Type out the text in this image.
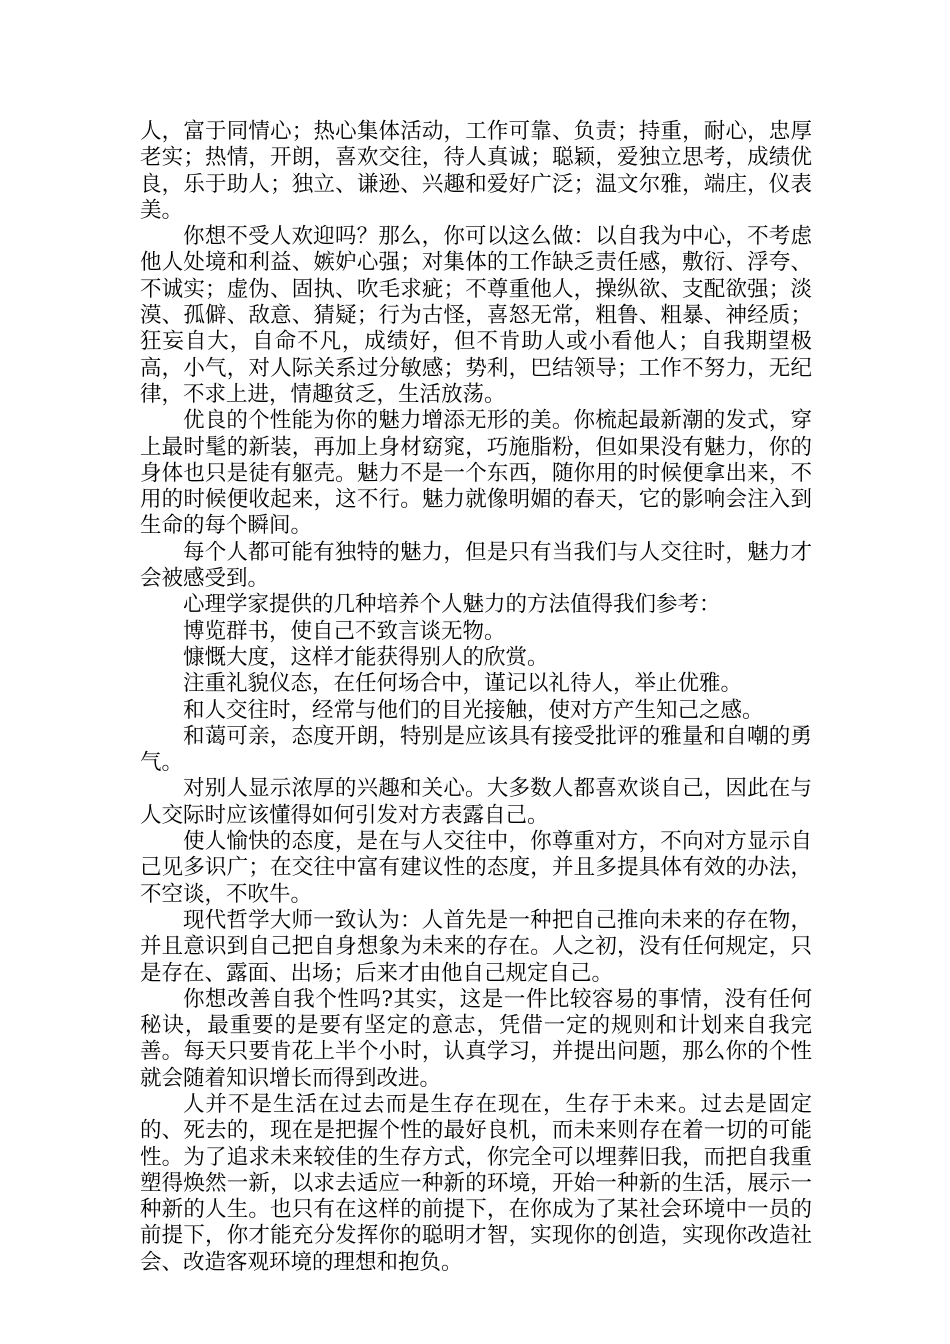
人，富于同情心；热心集体活动，工作可靠、负责；持重，耐心，忠厚老实；热情，开朗，喜欢交往，待人真诚；聪颖，爱独立思考，成绩优良，乐于助人；独立、谦逊、兴趣和爱好广泛；温文尔雅，端庄，仪表美。

你想不受人欢迎吗？那么，你可以这么做：以自我为中心，不考虑他人处境和利益、嫉妒心强；对集体的工作缺乏责任感，敷衍、浮夸、不诚实；虚伪、固执、吹毛求疵；不尊重他人，操纵欲、支配欲强；淡漠、孤僻、敌意、猜疑；行为古怪，喜怒无常，粗鲁、粗暴、神经质；狂妄自大，自命不凡，成绩好，但不肯助人或小看他人；自我期望极高，小气，对人际关系过分敏感；势利，巴结领导；工作不努力，无纪律，不求上进，情趣贫乏，生活放荡。

优良的个性能为你的魅力增添无形的美。你梳起最新潮的发式，穿上最时髦的新装，再加上身材窈窕，巧施脂粉，但如果没有魅力，你的身体也只是徒有躯壳。魅力不是一个东西，随你用的时候便拿出来，不用的时候便收起来，这不行。魅力就像明媚的春天，它的影响会注入到生命的每个瞬间。

每个人都可能有独特的魅力，但是只有当我们与人交往时，魅力才会被感受到。

心理学家提供的几种培养个人魅力的方法值得我们参考：

博览群书，使自己不致言谈无物。

慷慨大度，这样才能获得别人的欣赏。

注重礼貌仪态，在任何场合中，谨记以礼待人，举止优雅。

和人交往时，经常与他们的目光接触，使对方产生知己之感。

和蔼可亲，态度开朗，特别是应该具有接受批评的雅量和自嘲的勇气。

对别人显示浓厚的兴趣和关心。大多数人都喜欢谈自己，因此在与人交际时应该懂得如何引发对方表露自己。

使人愉快的态度，是在与人交往中，你尊重对方，不向对方显示自己见多识广；在交往中富有建议性的态度，并且多提具体有效的办法，不空谈，不吹牛。

现代哲学大师一致认为：人首先是一种把自己推向未来的存在物，并且意识到自己把自身想象为未来的存在。人之初，没有任何规定，只是存在、露面、出场；后来才由他自己规定自己。

你想改善自我个性吗?其实，这是一件比较容易的事情，没有任何秘诀，最重要的是要有坚定的意志，凭借一定的规则和计划来自我完善。每天只要肯花上半个小时，认真学习，并提出问题，那么你的个性就会随着知识增长而得到改进。

人并不是生活在过去而是生存在现在，生存于未来。过去是固定的、死去的，现在是把握个性的最好良机，而未来则存在着一切的可能性。为了追求未来较佳的生存方式，你完全可以埋葬旧我，而把自我重塑得焕然一新，以求去适应一种新的环境，开始一种新的生活，展示一种新的人生。也只有在这样的前提下，在你成为了某社会环境中一员的前提下，你才能充分发挥你的聪明才智，实现你的创造，实现你改造社会、改造客观环境的理想和抱负。
